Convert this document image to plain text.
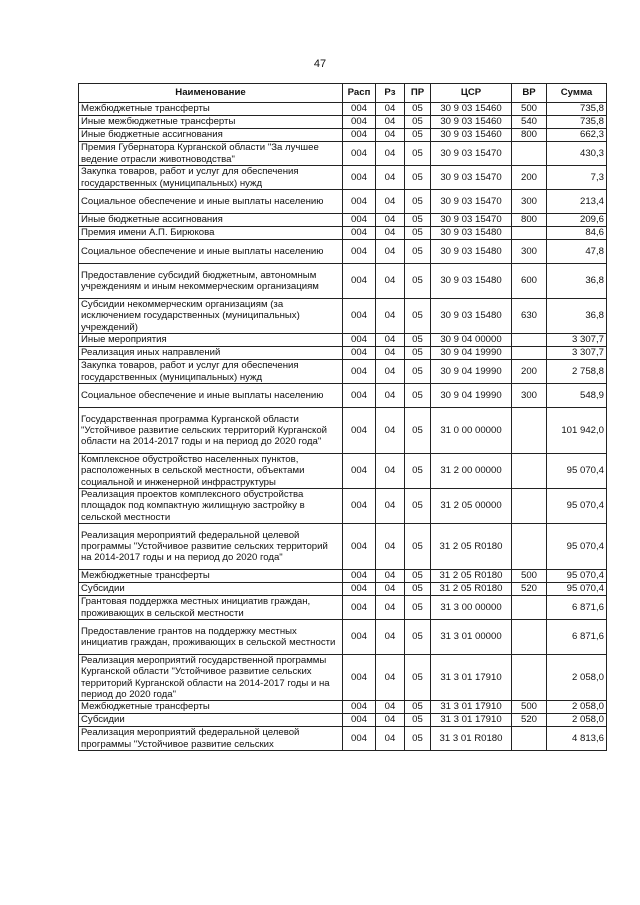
47
Наименование	Расп	Рз	ПР	ЦСР	ВР	Сумма
Межбюджетные трансферты	004	04	05	30 9 03 15460	500	735,8
Иные межбюджетные трансферты	004	04	05	30 9 03 15460	540	735,8
Иные бюджетные ассигнования	004	04	05	30 9 03 15460	800	662,3
Премия Губернатора Курганской области "За лучшее ведение отрасли животноводства"	004	04	05	30 9 03 15470		430,3
Закупка товаров, работ и услуг для обеспечения государственных (муниципальных) нужд	004	04	05	30 9 03 15470	200	7,3
Социальное обеспечение и иные выплаты населению	004	04	05	30 9 03 15470	300	213,4
Иные бюджетные ассигнования	004	04	05	30 9 03 15470	800	209,6
Премия имени А.П. Бирюкова	004	04	05	30 9 03 15480		84,6
Социальное обеспечение и иные выплаты населению	004	04	05	30 9 03 15480	300	47,8
Предоставление субсидий бюджетным, автономным учреждениям и иным некоммерческим организациям	004	04	05	30 9 03 15480	600	36,8
Субсидии некоммерческим организациям (за исключением государственных (муниципальных) учреждений)	004	04	05	30 9 03 15480	630	36,8
Иные мероприятия	004	04	05	30 9 04 00000		3 307,7
Реализация иных направлений	004	04	05	30 9 04 19990		3 307,7
Закупка товаров, работ и услуг для обеспечения государственных (муниципальных) нужд	004	04	05	30 9 04 19990	200	2 758,8
Социальное обеспечение и иные выплаты населению	004	04	05	30 9 04 19990	300	548,9
Государственная программа Курганской области "Устойчивое развитие сельских территорий Курганской области на 2014-2017 годы и на период до 2020 года"	004	04	05	31 0 00 00000		101 942,0
Комплексное обустройство населенных пунктов, расположенных в сельской местности, объектами социальной и инженерной инфраструктуры	004	04	05	31 2 00 00000		95 070,4
Реализация проектов комплексного обустройства площадок под компактную жилищную застройку в сельской местности	004	04	05	31 2 05 00000		95 070,4
Реализация мероприятий федеральной целевой программы "Устойчивое развитие сельских территорий на 2014-2017 годы и на период до 2020 года"	004	04	05	31 2 05 R0180		95 070,4
Межбюджетные трансферты	004	04	05	31 2 05 R0180	500	95 070,4
Субсидии	004	04	05	31 2 05 R0180	520	95 070,4
Грантовая поддержка местных инициатив граждан, проживающих в сельской местности	004	04	05	31 3 00 00000		6 871,6
Предоставление грантов на поддержку местных инициатив граждан, проживающих в сельской местности	004	04	05	31 3 01 00000		6 871,6
Реализация мероприятий государственной программы Курганской области "Устойчивое развитие сельских территорий Курганской области на 2014-2017 годы и на период до 2020 года"	004	04	05	31 3 01 17910		2 058,0
Межбюджетные трансферты	004	04	05	31 3 01 17910	500	2 058,0
Субсидии	004	04	05	31 3 01 17910	520	2 058,0
Реализация мероприятий федеральной целевой программы "Устойчивое развитие сельских	004	04	05	31 3 01 R0180		4 813,6
